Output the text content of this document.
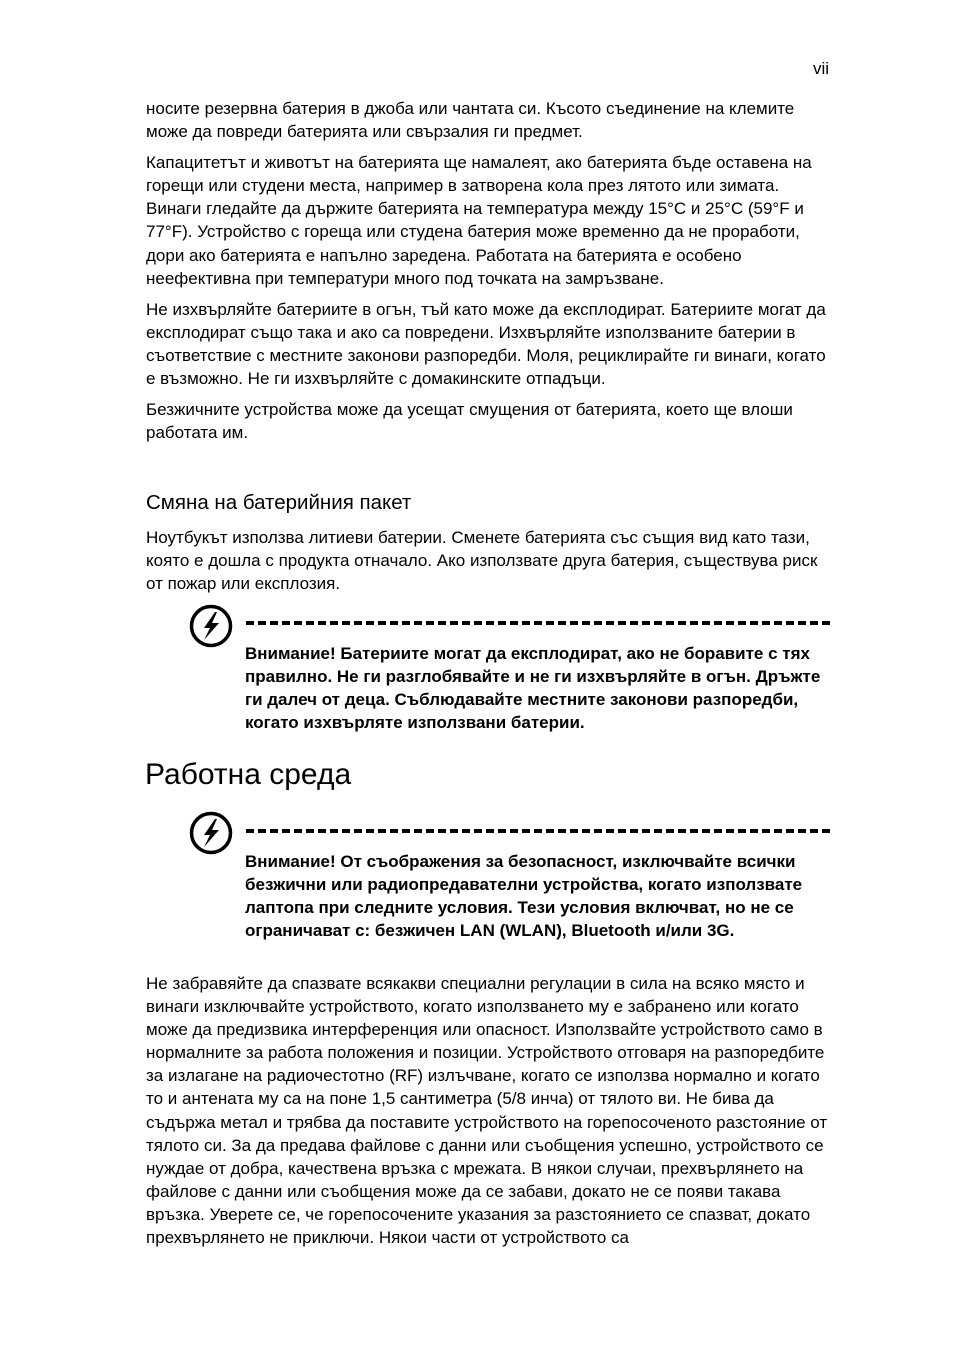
vii

носите резервна батерия в джоба или чантата си. Късото съединение на клемите може да повреди батерията или свързалия ги предмет.

Капацитетът и животът на батерията ще намалеят, ако батерията бъде оставена на горещи или студени места, например в затворена кола през лятото или зимата. Винаги гледайте да държите батерията на температура между 15°C и 25°C (59°F и 77°F). Устройство с гореща или студена батерия може временно да не проработи, дори ако батерията е напълно заредена. Работата на батерията е особено неефективна при температури много под точката на замръзване.

Не изхвърляйте батериите в огън, тъй като може да експлодират. Батериите могат да експлодират също така и ако са повредени. Изхвърляйте използваните батерии в съответствие с местните законови разпоредби. Моля, рециклирайте ги винаги, когато е възможно. Не ги изхвърляйте с домакинските отпадъци.

Безжичните устройства може да усещат смущения от батерията, което ще влоши работата им.

Смяна на батерийния пакет

Ноутбукът използва литиеви батерии. Сменете батерията със същия вид като тази, която е дошла с продукта отначало. Ако използвате друга батерия, съществува риск от пожар или експлозия.

Внимание! Батериите могат да експлодират, ако не боравите с тях правилно. Не ги разглобявайте и не ги изхвърляйте в огън. Дръжте ги далеч от деца. Съблюдавайте местните законови разпоредби, когато изхвърляте използвани батерии.

Работна среда

Внимание! От съображения за безопасност, изключвайте всички безжични или радиопредавателни устройства, когато използвате лаптопа при следните условия. Тези условия включват, но не се ограничават с: безжичен LAN (WLAN), Bluetooth и/или 3G.

Не забравяйте да спазвате всякакви специални регулации в сила на всяко място и винаги изключвайте устройството, когато използването му е забранено или когато може да предизвика интерференция или опасност. Използвайте устройството само в нормалните за работа положения и позиции. Устройството отговаря на разпоредбите за излагане на радиочестотно (RF) излъчване, когато се използва нормално и когато то и антената му са на поне 1,5 сантиметра (5/8 инча) от тялото ви. Не бива да съдържа метал и трябва да поставите устройството на горепосоченото разстояние от тялото си. За да предава файлове с данни или съобщения успешно, устройството се нуждае от добра, качествена връзка с мрежата. В някои случаи, прехвърлянето на файлове с данни или съобщения може да се забави, докато не се появи такава връзка. Уверете се, че горепосочените указания за разстоянието се спазват, докато прехвърлянето не приключи. Някои части от устройството са
